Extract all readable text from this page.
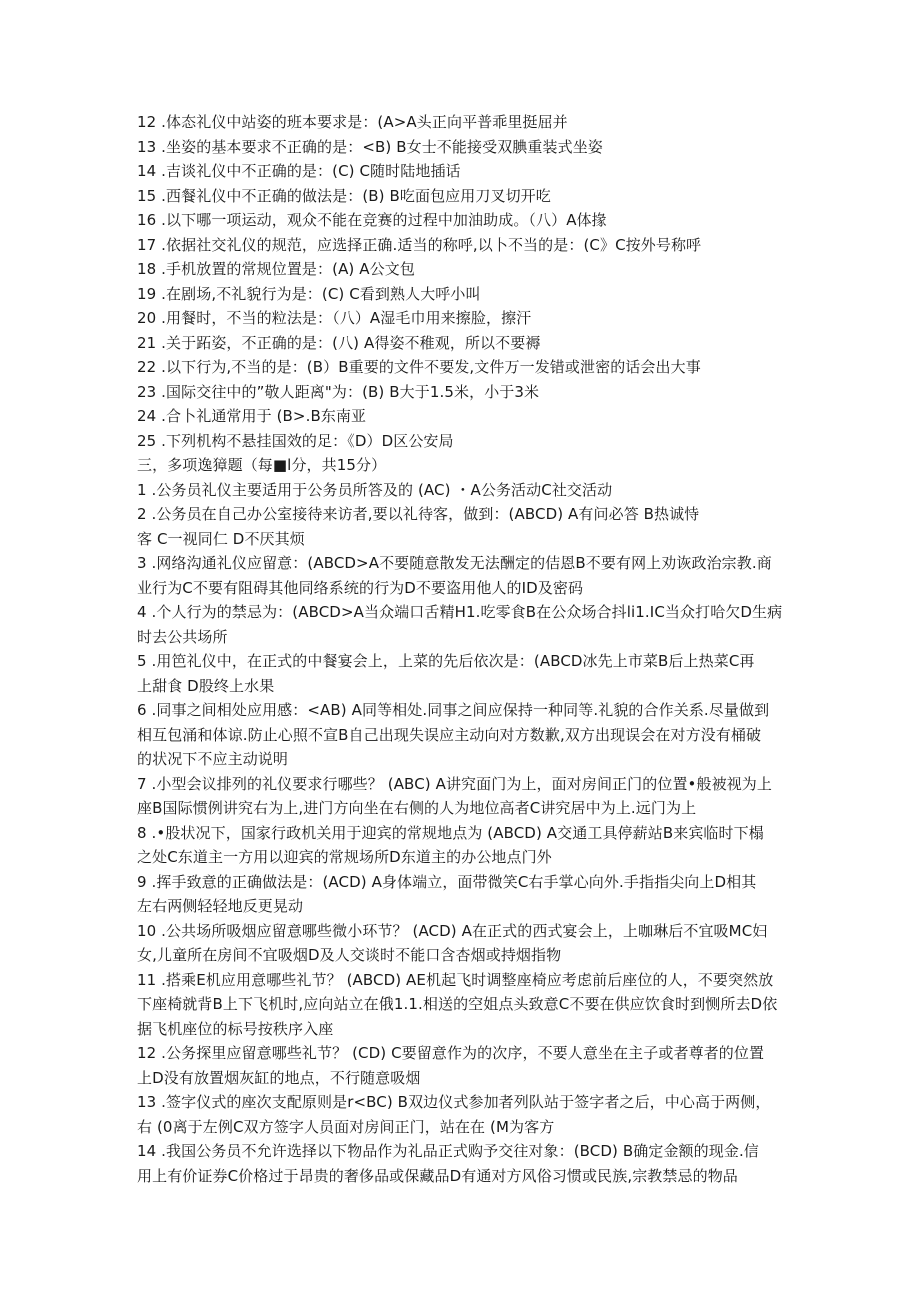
12 .体态礼仪中站姿的班本要求是：(A>A头正向平普乖里挺屈并
13 .坐姿的基本要求不正确的是：<B) B女士不能接受双腆重装式坐姿
14 .吉谈礼仪中不正确的是：(C) C随时陆地插话
15 .西餐礼仪中不正确的做法是：(B) B吃面包应用刀叉切开吃
16 .以下哪一项运动，观众不能在竞赛的过程中加油助成。（八）A体掾
17 .依据社交礼仪的规范，应选择正确.适当的称呼,以卜不当的是：(C》C按外号称呼
18 .手机放置的常规位置是：(A) A公文包
19 .在剧场,不礼貌行为是：(C) C看到熟人大呼小叫
20 .用餐时，不当的粒法是：（八）A湿毛巾用来擦脸，擦汗
21 .关于跖姿，不正确的是：(八) A得姿不稚观，所以不要褥
22 .以下行为,不当的是：(B）B重要的文件不要发,文件万一发错或泄密的话会出大事
23 .国际交往中的”敬人距离"为：(B) B大于1.5米，小于3米
24 .合卜礼通常用于 (B>.B东南亚
25 .下列机构不悬挂国效的足：《D）D区公安局
三，多项逸獐题（每■l分，共15分）
1 .公务员礼仪主要适用于公务员所答及的 (AC) ・A公务活动C社交活动
2 .公务员在自己办公室接待来访者,要以礼待客，做到：(ABCD) A有问必答 B热诚恃
客 C一视同仁 D不厌其烦
3 .网络沟通礼仪应留意：(ABCD>A不要随意散发无法酬定的佶恩B不要有网上劝诙政治宗教.商
业行为C不要有阻碍其他同络系统的行为D不要盗用他人的ID及密码
4 .个人行为的禁忌为：(ABCD>A当众端口舌精H1.吃零食B在公众场合抖li1.IC当众打哈欠D生病
时去公共场所
5 .用笆礼仪中，在正式的中餐宴会上，上菜的先后依次是：(ABCD冰先上市菜B后上热菜C再
上甜食 D股终上水果
6 .同事之间相处应用感：<AB) A同等相处.同事之间应保持一种同等.礼貌的合作关系.尽量做到
相互包涌和体谅.防止心照不宣B自己出现失误应主动向对方数歉,双方出现误会在对方没有桶破
的状况下不应主动说明
7 .小型会议排列的礼仪要求行哪些？ (ABC) A讲究面门为上，面对房间正门的位置•般被视为上
座B国际惯例讲究右为上,进门方向坐在右侧的人为地位高者C讲究居中为上.远门为上
8 .•股状况下，国家行政机关用于迎宾的常规地点为 (ABCD) A交通工具停薪站B来宾临时下榻
之处C东道主一方用以迎宾的常规场所D东道主的办公地点门外
9 .挥手致意的正确做法是：(ACD) A身体端立，面带微笑C右手掌心向外.手指指尖向上D相其
左右两侧轻轻地反更晃动
10 .公共场所吸烟应留意哪些微小环节？ (ACD) A在正式的西式宴会上，上咖琳后不宜吸MC妇
女,儿童所在房间不宜吸烟D及人交谈时不能口含杏烟或持烟指物
11 .搭乘E机应用意哪些礼节？ (ABCD) AE机起飞时调整座椅应考虑前后座位的人，不要突然放
下座椅就背B上下飞机时,应向站立在俄1.1.相送的空姐点头致意C不要在供应饮食时到恻所去D依
据飞机座位的标号按秩序入座
12 .公务探里应留意哪些礼节？ (CD) C要留意作为的次序，不要人意坐在主子或者尊者的位置
上D没有放置烟灰缸的地点，不行随意吸烟
13 .签字仪式的座次支配原则是r<BC) B双边仪式参加者列队站于签字者之后，中心高于两侧，
右 (0离于左例C双方签字人员面对房间正门，站在在 (M为客方
14 .我国公务员不允许选择以下物品作为礼品正式购予交往对象：(BCD) B确定金额的现金.信
用上有价证券C价格过于昂贵的奢侈品或保藏品D有通对方风俗习惯或民族,宗教禁忌的物品
